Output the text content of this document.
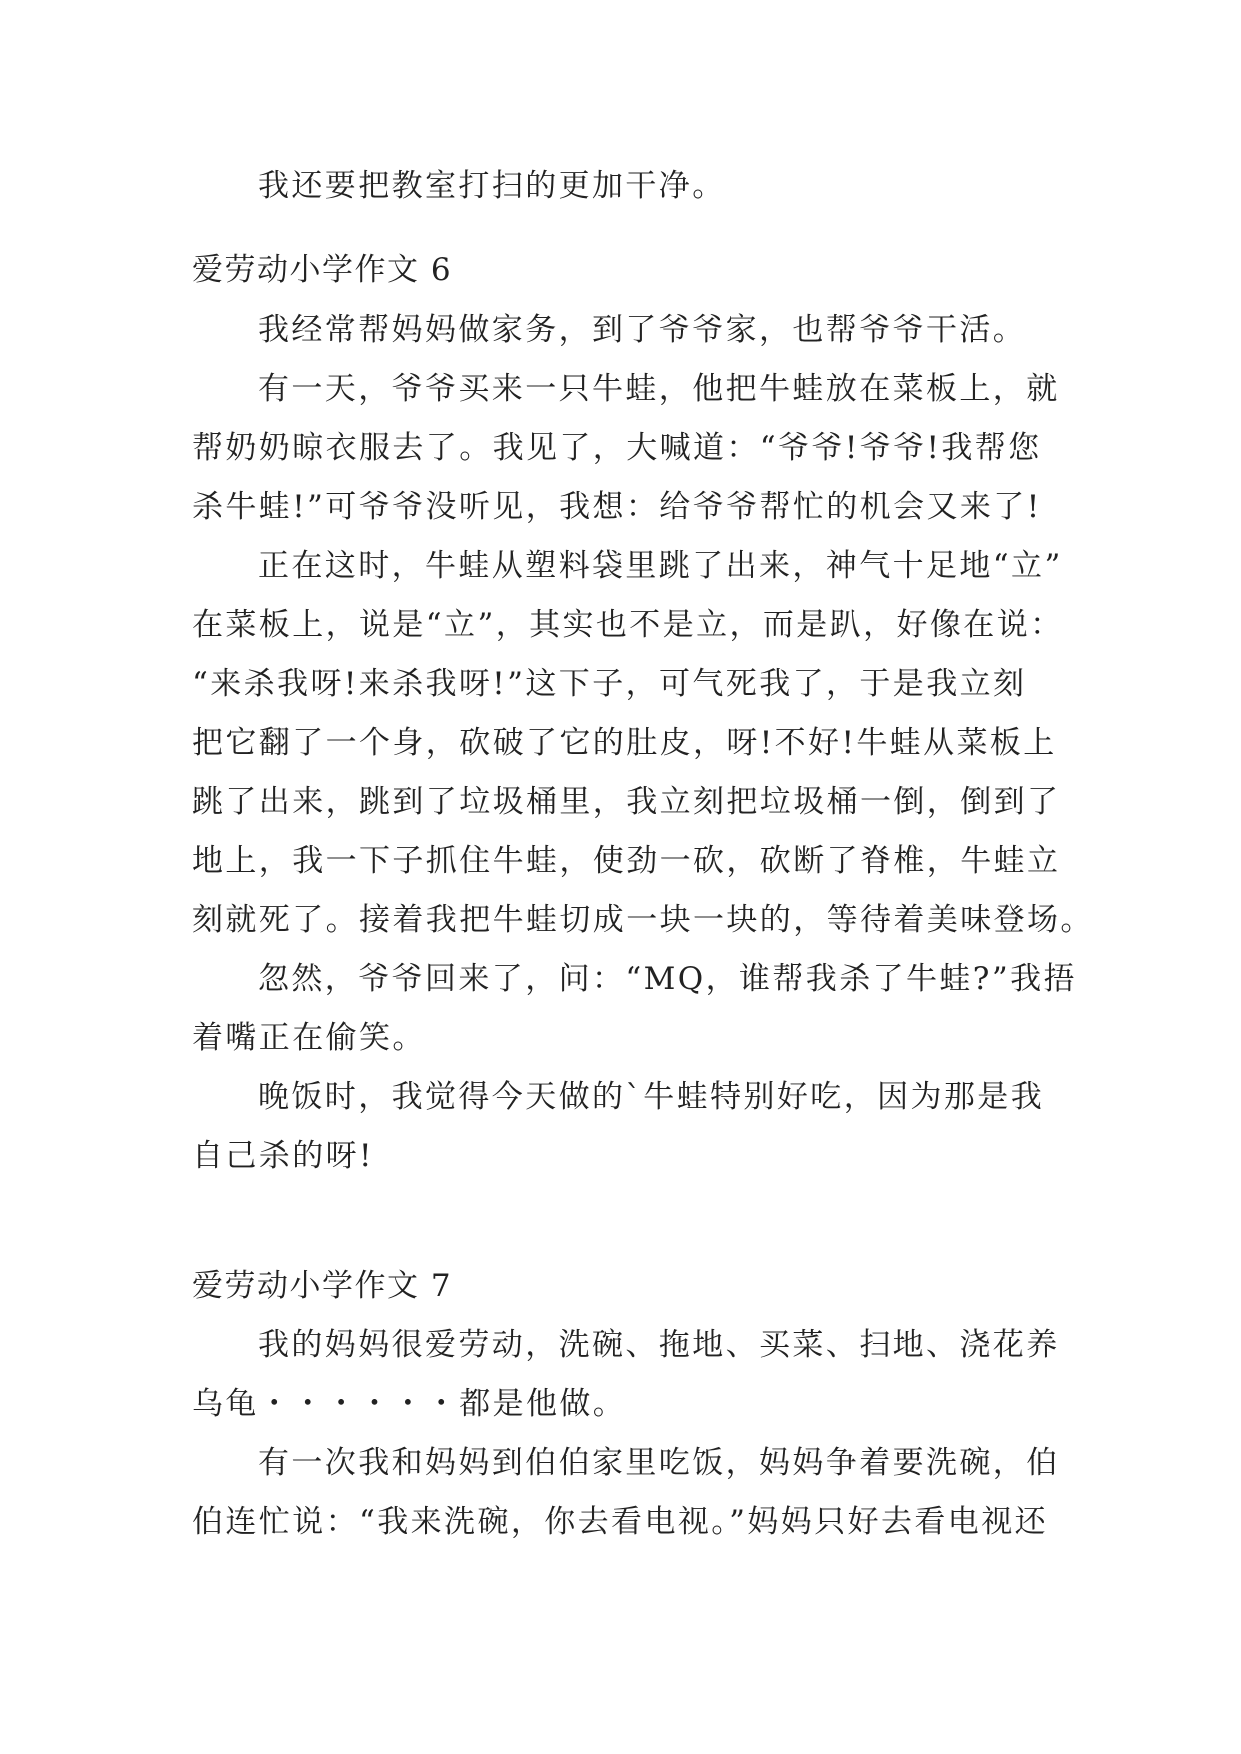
我还要把教室打扫的更加干净。
爱劳动小学作文 6
我经常帮妈妈做家务，到了爷爷家，也帮爷爷干活。
有一天，爷爷买来一只牛蛙，他把牛蛙放在菜板上，就
帮奶奶晾衣服去了。我见了，大喊道：“爷爷!爷爷!我帮您
杀牛蛙!”可爷爷没听见，我想：给爷爷帮忙的机会又来了!
正在这时，牛蛙从塑料袋里跳了出来，神气十足地“立”
在菜板上，说是“立”，其实也不是立，而是趴，好像在说：
“来杀我呀!来杀我呀!”这下子，可气死我了，于是我立刻
把它翻了一个身，砍破了它的肚皮，呀!不好!牛蛙从菜板上
跳了出来，跳到了垃圾桶里，我立刻把垃圾桶一倒，倒到了
地上，我一下子抓住牛蛙，使劲一砍，砍断了脊椎，牛蛙立
刻就死了。接着我把牛蛙切成一块一块的，等待着美味登场。
忽然，爷爷回来了，问：“MQ，谁帮我杀了牛蛙?”我捂
着嘴正在偷笑。
晚饭时，我觉得今天做的`牛蛙特别好吃，因为那是我
自己杀的呀!
爱劳动小学作文 7
我的妈妈很爱劳动，洗碗、拖地、买菜、扫地、浇花养
乌龟・・・・・・都是他做。
有一次我和妈妈到伯伯家里吃饭，妈妈争着要洗碗，伯
伯连忙说：“我来洗碗，你去看电视。”妈妈只好去看电视还
